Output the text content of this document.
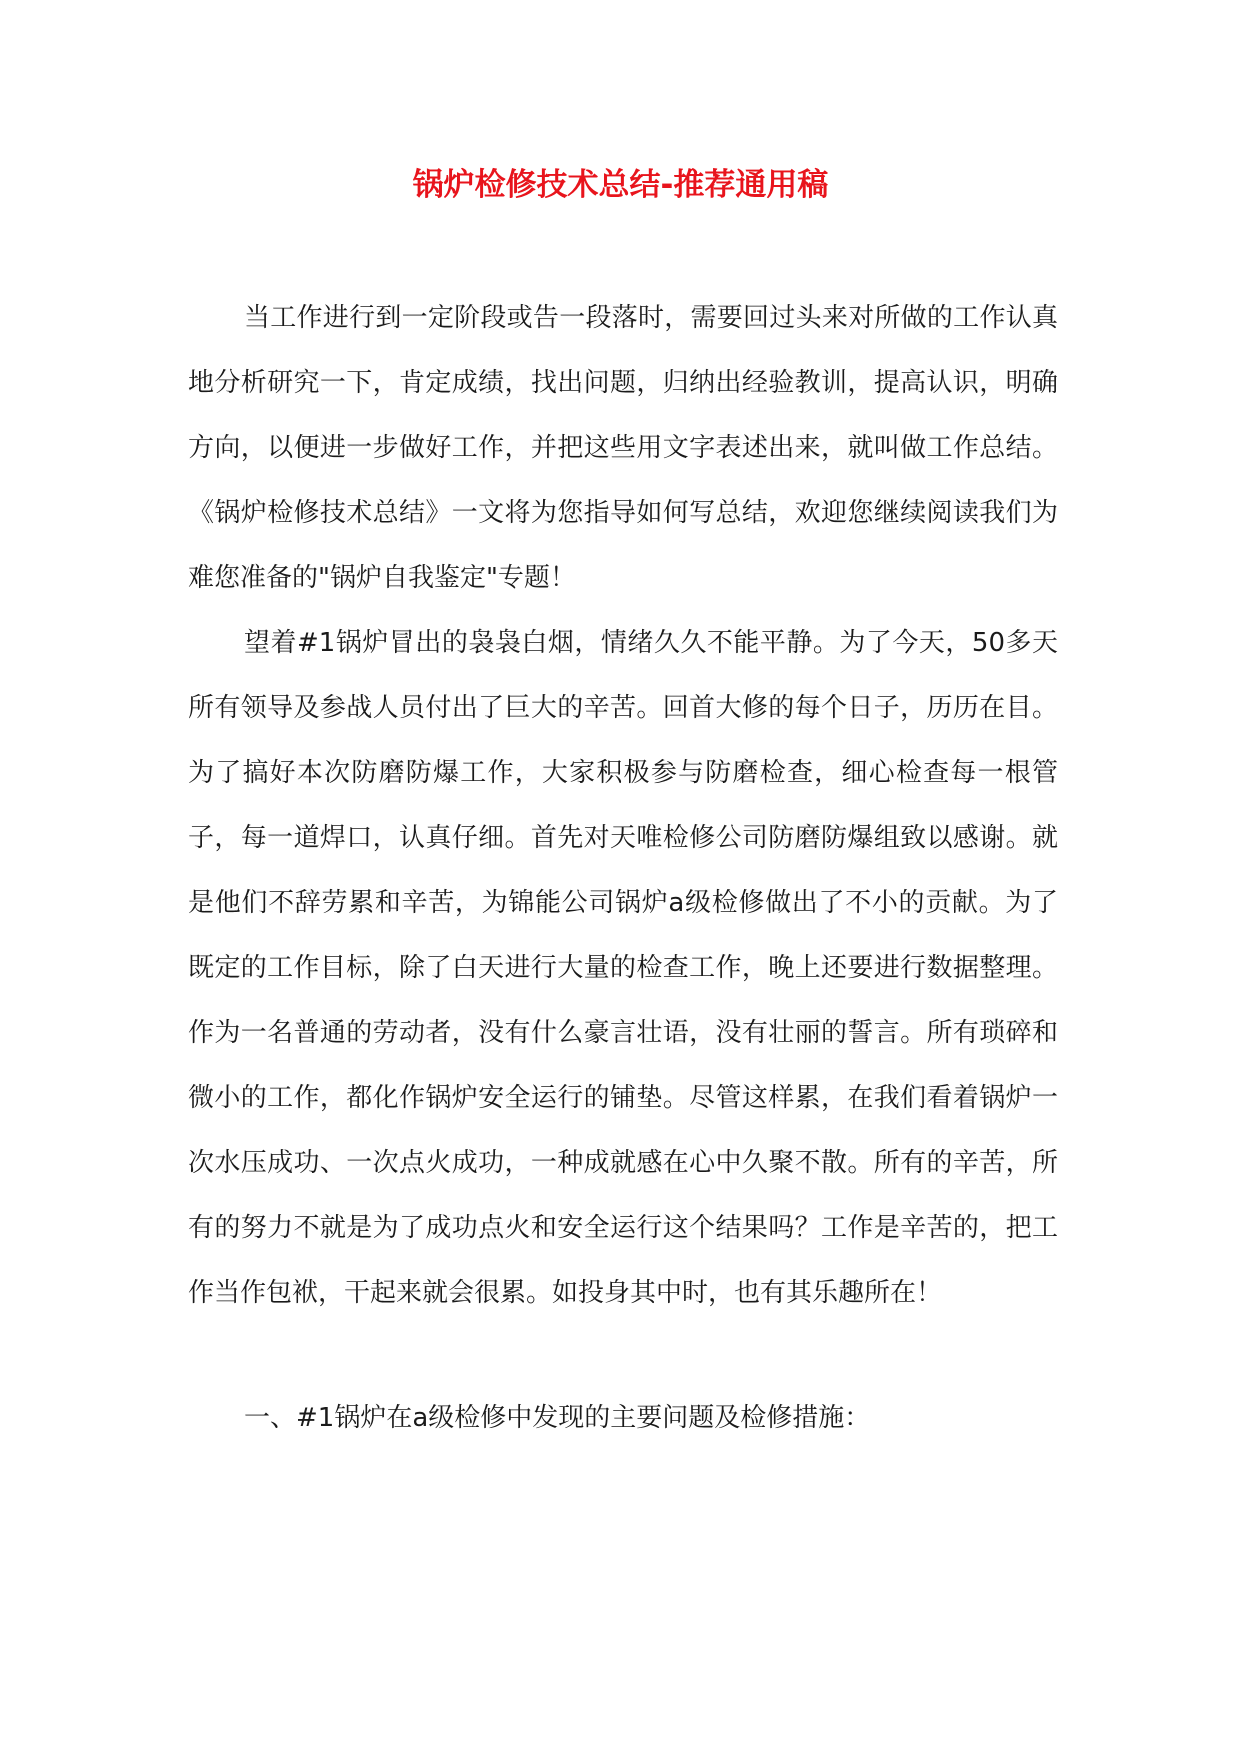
锅炉检修技术总结-推荐通用稿

当工作进行到一定阶段或告一段落时，需要回过头来对所做的工作认真地分析研究一下，肯定成绩，找出问题，归纳出经验教训，提高认识，明确方向，以便进一步做好工作，并把这些用文字表述出来，就叫做工作总结。《锅炉检修技术总结》一文将为您指导如何写总结，欢迎您继续阅读我们为难您准备的"锅炉自我鉴定"专题！

望着#1锅炉冒出的袅袅白烟，情绪久久不能平静。为了今天，50多天所有领导及参战人员付出了巨大的辛苦。回首大修的每个日子，历历在目。为了搞好本次防磨防爆工作，大家积极参与防磨检查，细心检查每一根管子，每一道焊口，认真仔细。首先对天唯检修公司防磨防爆组致以感谢。就是他们不辞劳累和辛苦，为锦能公司锅炉a级检修做出了不小的贡献。为了既定的工作目标，除了白天进行大量的检查工作，晚上还要进行数据整理。作为一名普通的劳动者，没有什么豪言壮语，没有壮丽的誓言。所有琐碎和微小的工作，都化作锅炉安全运行的铺垫。尽管这样累，在我们看着锅炉一次水压成功、一次点火成功，一种成就感在心中久聚不散。所有的辛苦，所有的努力不就是为了成功点火和安全运行这个结果吗？工作是辛苦的，把工作当作包袱，干起来就会很累。如投身其中时，也有其乐趣所在！

一、#1锅炉在a级检修中发现的主要问题及检修措施：
